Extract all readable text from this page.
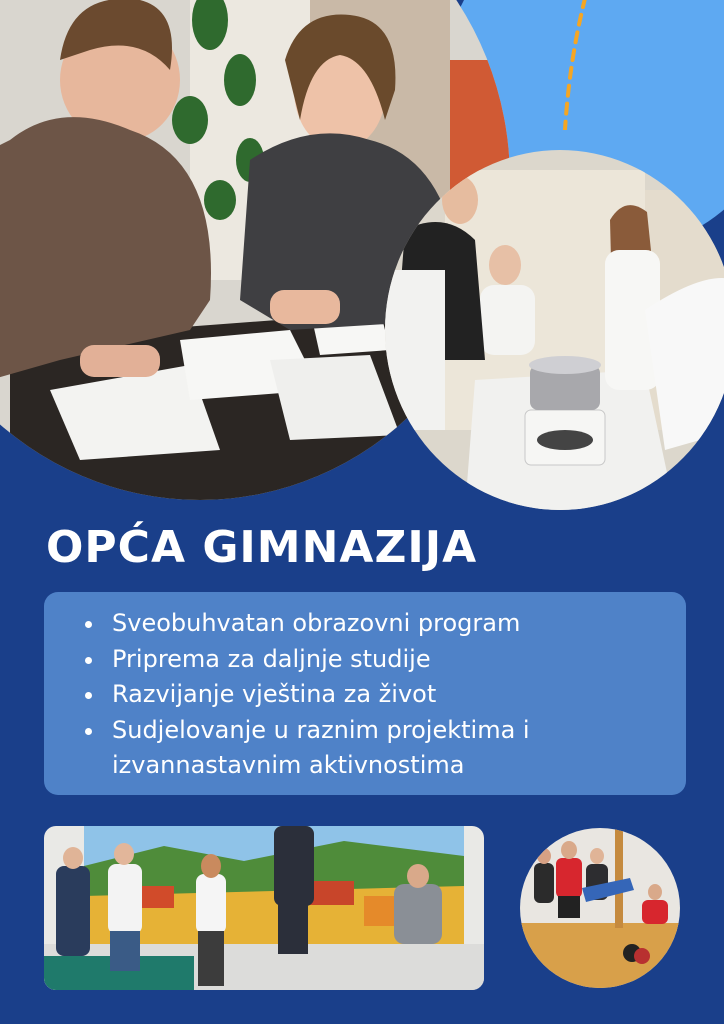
OPĆA GIMNAZIJA
• Sveobuhvatan obrazovni program
• Priprema za daljnje studije
• Razvijanje vještina za život
• Sudjelovanje u raznim projektima i izvannastavnim aktivnostima
